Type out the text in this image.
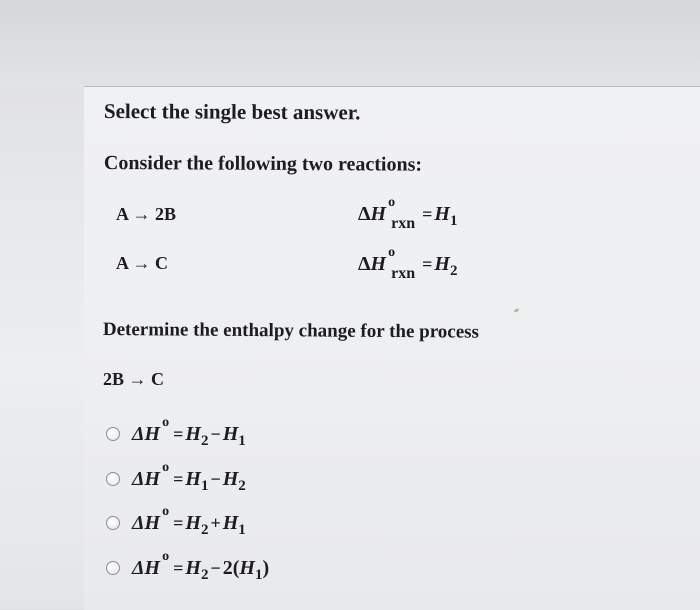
Select the single best answer.
Consider the following two reactions:
A → 2B	$\Delta H^o_{rxn} = H_1$
A → C	$\Delta H^o_{rxn} = H_2$
Determine the enthalpy change for the process
2B → C
$\Delta H^o= H_2 - H_1$
$\Delta H^o= H_1 - H_2$
$\Delta H^o= H_2 + H_1$
$\Delta H^o= H_2 - 2(H_1)$
